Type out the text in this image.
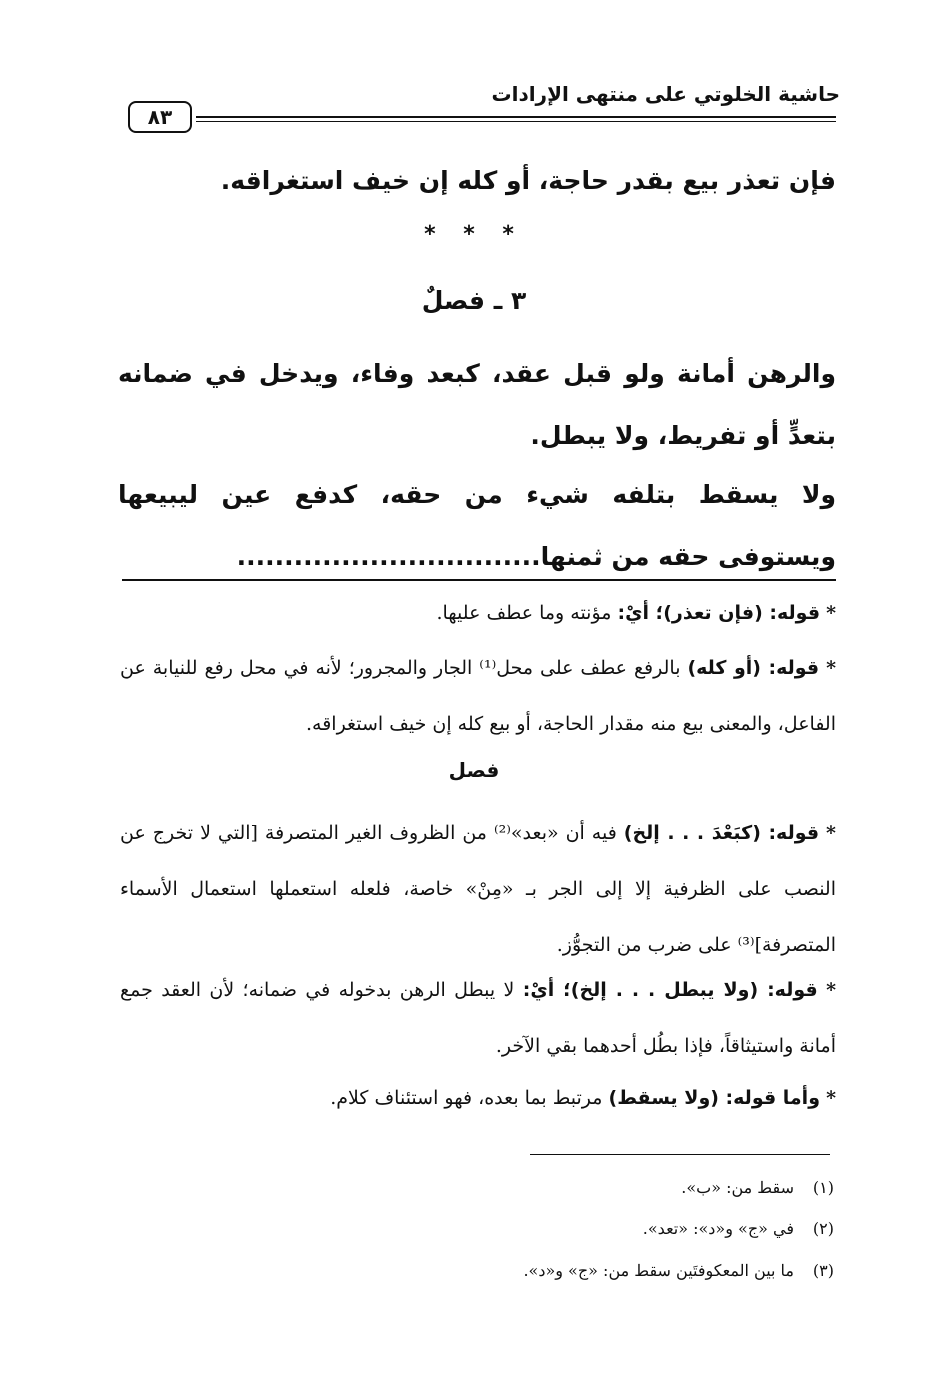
حاشية الخلوتي على منتهى الإرادات
٨٣
فإن تعذر بيع بقدر حاجة، أو كله إن خيف استغراقه.
* * *
٣ ـ فصلٌ
والرهن أمانة ولو قبل عقد، كبعد وفاء، ويدخل في ضمانه بتعدٍّ أو تفريط، ولا يبطل.
ولا يسقط بتلفه شيء من حقه، كدفع عين ليبيعها ويستوفى حقه من ثمنها................................
* قوله: (فإن تعذر)؛ أيْ: مؤنته وما عطف عليها.
* قوله: (أو كله) بالرفع عطف على محل⁽¹⁾ الجار والمجرور؛ لأنه في محل رفع للنيابة عن الفاعل، والمعنى بيع منه مقدار الحاجة، أو بيع كله إن خيف استغراقه.
فصل
* قوله: (كبَعْدَ . . . إلخ) فيه أن «بعد»⁽²⁾ من الظروف الغير المتصرفة [التي لا تخرج عن النصب على الظرفية إلا إلى الجر بـ «مِنْ» خاصة، فلعله استعملها استعمال الأسماء المتصرفة]⁽³⁾ على ضرب من التجوُّز.
* قوله: (ولا يبطل . . . إلخ)؛ أيْ: لا يبطل الرهن بدخوله في ضمانه؛ لأن العقد جمع أمانة واستيثاقاً، فإذا بطُل أحدهما بقي الآخر.
* وأما قوله: (ولا يسقط) مرتبط بما بعده، فهو استئناف كلام.
(١)سقط من: «ب».
(٢)في «ج» و«د»: «تعد».
(٣)ما بين المعكوفتَين سقط من: «ج» و«د».
